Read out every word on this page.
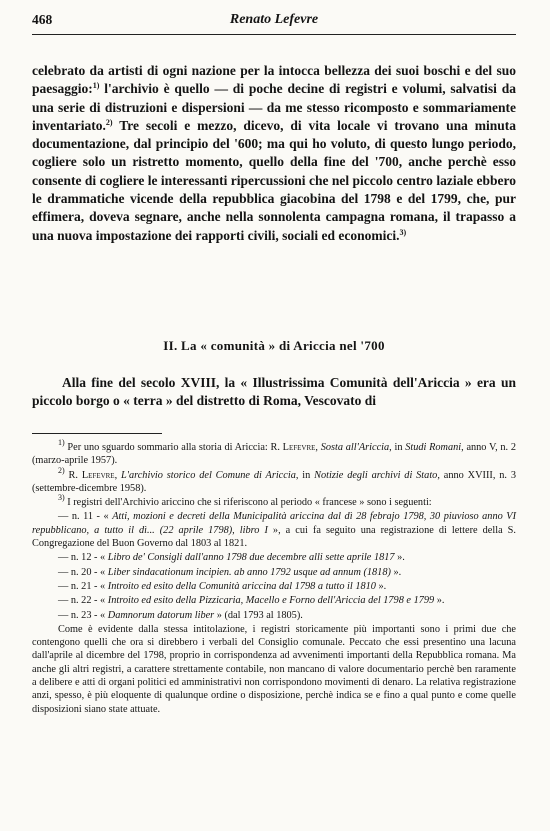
468	Renato Lefevre

celebrato da artisti di ogni nazione per la intocca bellezza dei suoi boschi e del suo paesaggio:$^{1)}$ l'archivio è quello — di poche decine di registri e volumi, salvatisi da una serie di distruzioni e dispersioni — da me stesso ricomposto e sommariamente inventariato.$^{2)}$ Tre secoli e mezzo, dicevo, di vita locale vi trovano una minuta documentazione, dal principio del '600; ma qui ho voluto, di questo lungo periodo, cogliere solo un ristretto momento, quello della fine del '700, anche perchè esso consente di cogliere le interessanti ripercussioni che nel piccolo centro laziale ebbero le drammatiche vicende della repubblica giacobina del 1798 e del 1799, che, pur effimera, doveva segnare, anche nella sonnolenta campagna romana, il trapasso a una nuova impostazione dei rapporti civili, sociali ed economici.$^{3)}$

II. La « comunità » di Ariccia nel '700
Alla fine del secolo XVIII, la « Illustrissima Comunità dell'Ariccia » era un piccolo borgo o « terra » del distretto di Roma, Vescovato di

$^{1)}$ Per uno sguardo sommario alla storia di Ariccia: R. Lefevre, Sosta all'Ariccia, in Studi Romani, anno V, n. 2 (marzo-aprile 1957).

$^{2)}$ R. Lefevre, L'archivio storico del Comune di Ariccia, in Notizie degli archivi di Stato, anno XVIII, n. 3 (settembre-dicembre 1958).

$^{3)}$ I registri dell'Archivio ariccino che si riferiscono al periodo « francese » sono i seguenti:

— n. 11 - « Atti, mozioni e decreti della Municipalità ariccina dal dì 28 febrajo 1798, 30 piuvioso anno VI repubblicano, a tutto il dì... (22 aprile 1798), libro I », a cui fa seguito una registrazione di lettere della S. Congregazione del Buon Governo dal 1803 al 1821.

— n. 12 - « Libro de' Consigli dall'anno 1798 due decembre alli sette aprile 1817 ».

— n. 20 - « Liber sindacationum incipien. ab anno 1792 usque ad annum (1818) ».

— n. 21 - « Introito ed esito della Comunità ariccina dal 1798 a tutto il 1810 ».

— n. 22 - « Introito ed esito della Pizzicaria, Macello e Forno dell'Ariccia del 1798 e 1799 ».

— n. 23 - « Damnorum datorum liber » (dal 1793 al 1805).

Come è evidente dalla stessa intitolazione, i registri storicamente più importanti sono i primi due che contengono quelli che ora si direbbero i verbali del Consiglio comunale. Peccato che essi presentino una lacuna dall'aprile al dicembre del 1798, proprio in corrispondenza ad avvenimenti importanti della Repubblica romana. Ma anche gli altri registri, a carattere strettamente contabile, non mancano di valore documentario perchè ben raramente a delibere e atti di organi politici ed amministrativi non corrispondono movimenti di denaro. La relativa registrazione anzi, spesso, è più eloquente di qualunque ordine o disposizione, perchè indica se e fino a qual punto e come quelle disposizioni siano state attuate.
